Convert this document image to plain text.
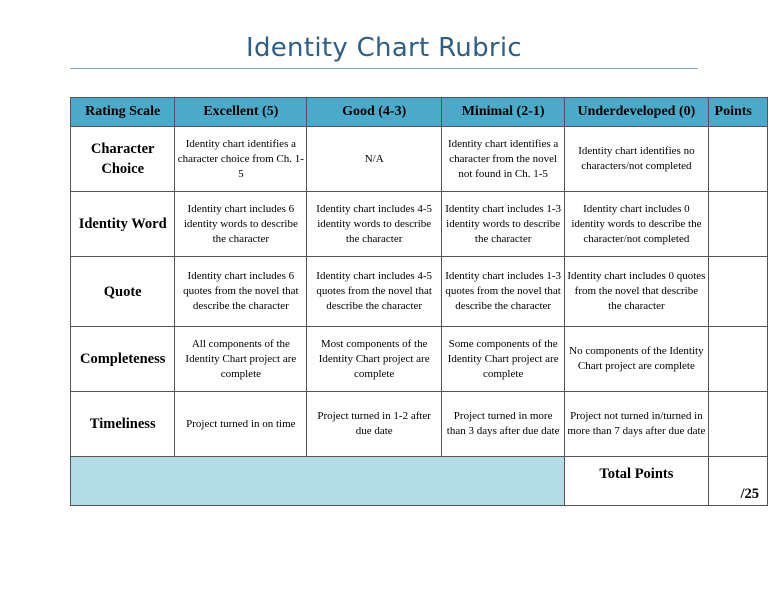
Identity Chart Rubric
Rating Scale	Excellent (5)	Good (4-3)	Minimal (2-1)	Underdeveloped (0)	Points
Character Choice	Identity chart identifies a character choice from Ch. 1-5	N/A	Identity chart identifies a character from the novel not found in Ch. 1-5	Identity chart identifies no characters/not completed	
Identity Word	Identity chart includes 6 identity words to describe the character	Identity chart includes 4-5 identity words to describe the character	Identity chart includes 1-3 identity words to describe the character	Identity chart includes 0 identity words to describe the character/not completed	
Quote	Identity chart includes 6 quotes from the novel that describe the character	Identity chart includes 4-5 quotes from the novel that describe the character	Identity chart includes 1-3 quotes from the novel that describe the character	Identity chart includes 0 quotes from the novel that describe the character	
Completeness	All components of the Identity Chart project are complete	Most components of the Identity Chart project are complete	Some components of the Identity Chart project are complete	No components of the Identity Chart project are complete	
Timeliness	Project turned in on time	Project turned in 1-2 after due date	Project turned in more than 3 days after due date	Project not turned in/turned in more than 7 days after due date	
				Total Points	/25
